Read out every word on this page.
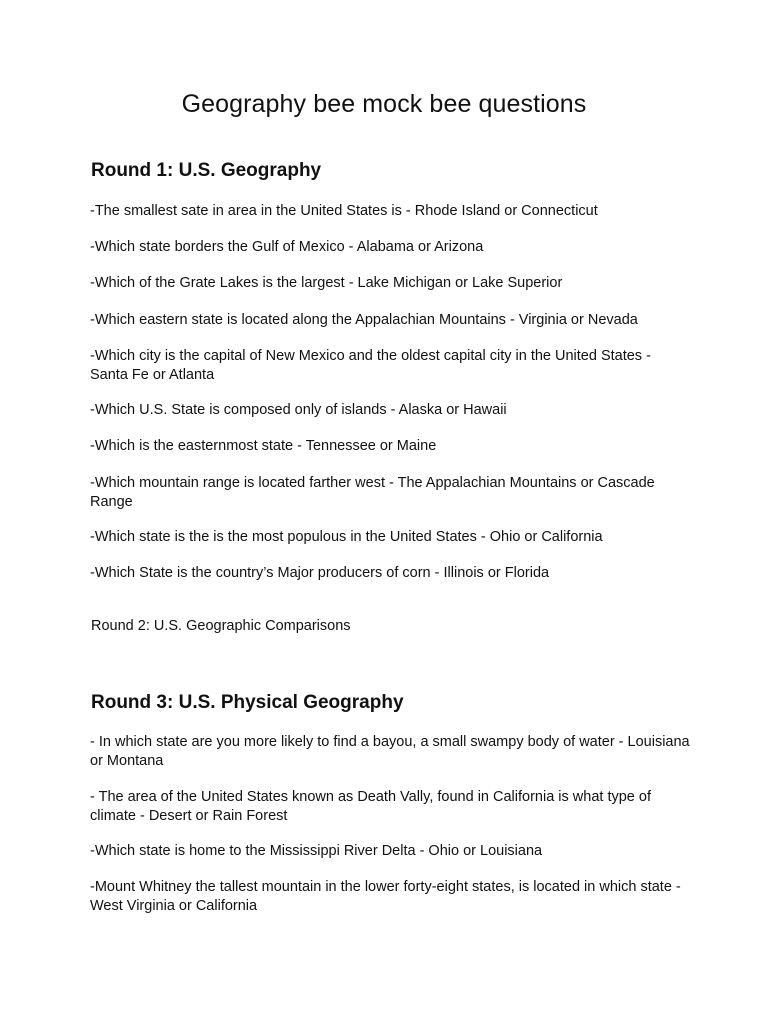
Geography bee mock bee questions
Round 1: U.S. Geography

-The smallest sate in area in the United States is - Rhode Island or Connecticut

-Which state borders the Gulf of Mexico - Alabama or Arizona

-Which of the Grate Lakes is the largest - Lake Michigan or Lake Superior

-Which eastern state is located along the Appalachian Mountains - Virginia or Nevada

-Which city is the capital of New Mexico and the oldest capital city in the United States - Santa Fe or Atlanta

-Which U.S. State is composed only of islands - Alaska or Hawaii

-Which is the easternmost state - Tennessee or Maine

-Which mountain range is located farther west - The Appalachian Mountains or Cascade Range

-Which state is the is the most populous in the United States - Ohio or California

-Which State is the country’s Major producers of corn - Illinois or Florida

Round 2: U.S. Geographic Comparisons

Round 3: U.S. Physical Geography

- In which state are you more likely to find a bayou, a small swampy body of water - Louisiana or Montana

- The area of the United States known as Death Vally, found in California is what type of climate - Desert or Rain Forest

-Which state is home to the Mississippi River Delta - Ohio or Louisiana

-Mount Whitney the tallest mountain in the lower forty-eight states, is located in which state - West Virginia or California
